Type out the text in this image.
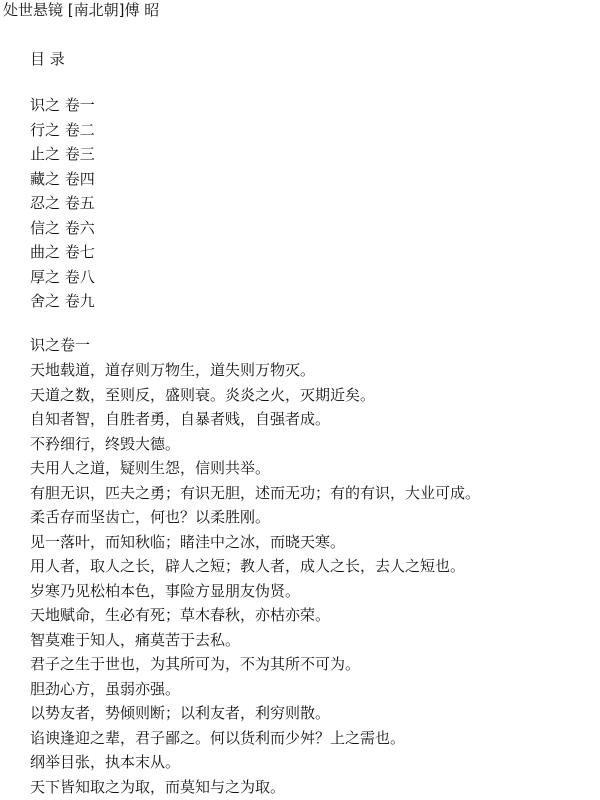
处世悬镜 [南北朝]傅 昭
目 录
识之 卷一
行之 卷二
止之 卷三
藏之 卷四
忍之 卷五
信之 卷六
曲之 卷七
厚之 卷八
舍之 卷九
识之卷一
天地载道，道存则万物生，道失则万物灭。
天道之数，至则反，盛则衰。炎炎之火，灭期近矣。
自知者智，自胜者勇，自暴者贱，自强者成。
不矜细行，终毁大德。
夫用人之道，疑则生怨，信则共举。
有胆无识，匹夫之勇；有识无胆，述而无功；有的有识，大业可成。
柔舌存而坚齿亡，何也？以柔胜刚。
见一落叶，而知秋临；睹洼中之冰，而晓天寒。
用人者，取人之长，辟人之短；教人者，成人之长，去人之短也。
岁寒乃见松柏本色，事险方显朋友伪贤。
天地赋命，生必有死；草木春秋，亦枯亦荣。
智莫难于知人，痛莫苦于去私。
君子之生于世也，为其所可为，不为其所不可为。
胆劲心方，虽弱亦强。
以势友者，势倾则断；以利友者，利穷则散。
谄谀逢迎之辈，君子鄙之。何以货利而少舛？上之需也。
纲举目张，执本末从。
天下皆知取之为取，而莫知与之为取。
